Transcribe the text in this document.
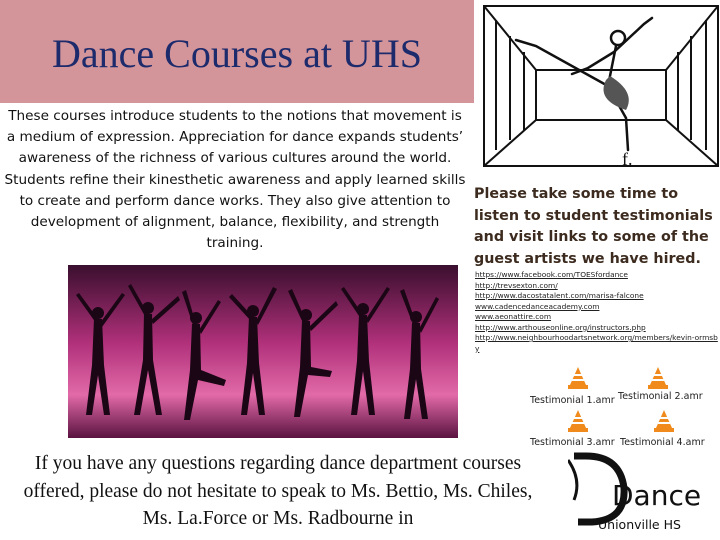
Dance Courses at UHS
These courses introduce students to the notions that movement is a medium of expression. Appreciation for dance expands students’ awareness of the richness of various cultures around the world. Students refine their kinesthetic awareness and apply learned skills to create and perform dance works. They also give attention to development of alignment, balance, flexibility, and strength training.
f.
Please take some time to listen to student testimonials and visit links to some of the guest artists we have hired.
https://www.facebook.com/TOESfordance
http://trevsexton.com/
http://www.dacostatalent.com/marisa-falcone
www.cadencedanceacademy.com
www.aeonattire.com
http://www.arthouseonline.org/instructors.php
http://www.neighbourhoodartsnetwork.org/members/kevin-ormsby
Testimonial 1.amr Testimonial 2.amr
Testimonial 3.amr Testimonial 4.amr
If you have any questions regarding dance department courses offered, please do not hesitate to speak to Ms. Bettio, Ms. Chiles, Ms. La.Force or Ms. Radbourne in
Dance
Unionville HS
